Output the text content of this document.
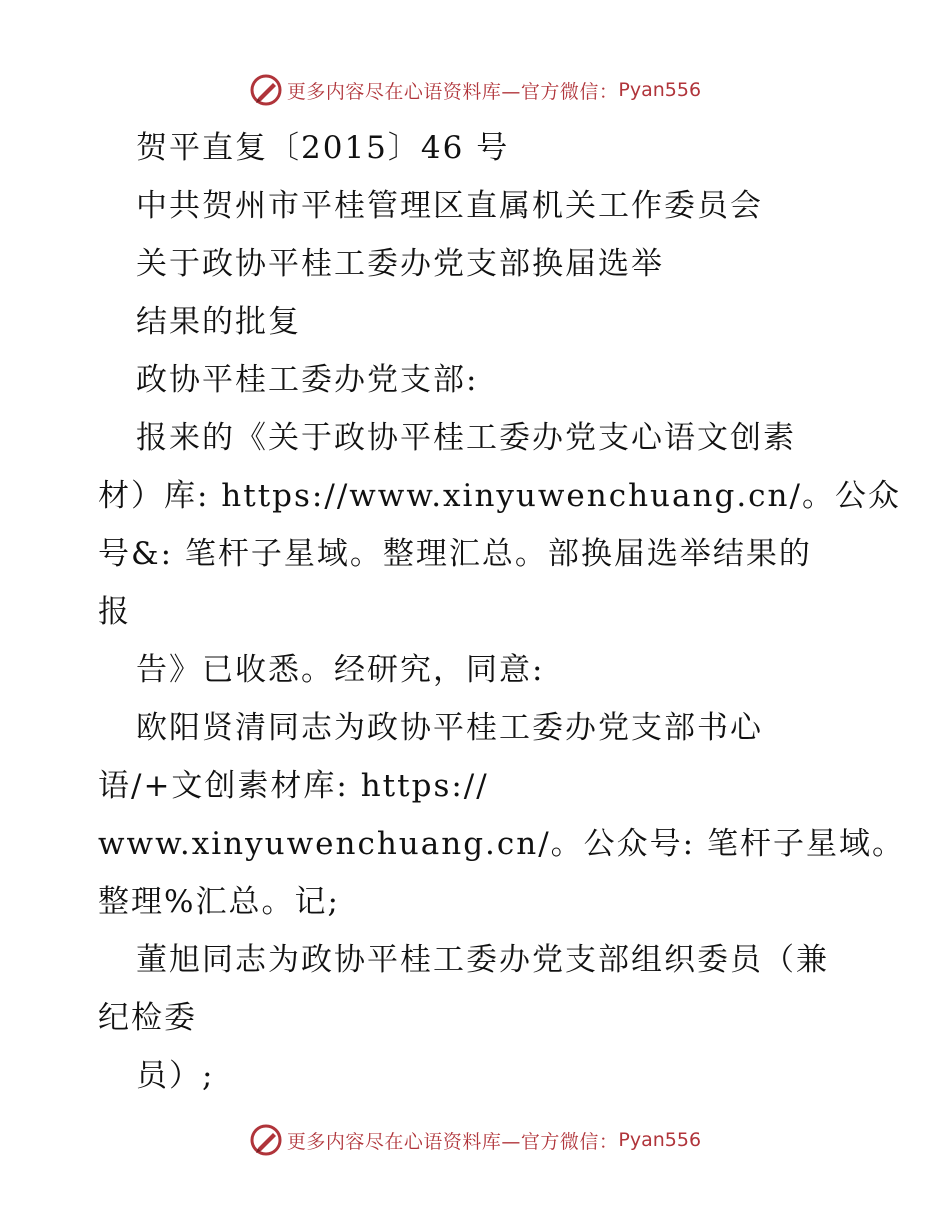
更多内容尽在心语资料库—官方微信： Pyan556
贺平直复〔2015〕46 号
中共贺州市平桂管理区直属机关工作委员会
关于政协平桂工委办党支部换届选举
结果的批复
政协平桂工委办党支部:
报来的《关于政协平桂工委办党支心语文创素
材）库: https://www.xinyuwenchuang.cn/。公众
号&: 笔杆子星域。整理汇总。部换届选举结果的
报
告》已收悉。经研究，同意:
欧阳贤清同志为政协平桂工委办党支部书心
语/+文创素材库: https://
www.xinyuwenchuang.cn/。公众号: 笔杆子星域。
整理%汇总。记;
董旭同志为政协平桂工委办党支部组织委员（兼
纪检委
员）;
更多内容尽在心语资料库—官方微信： Pyan556
